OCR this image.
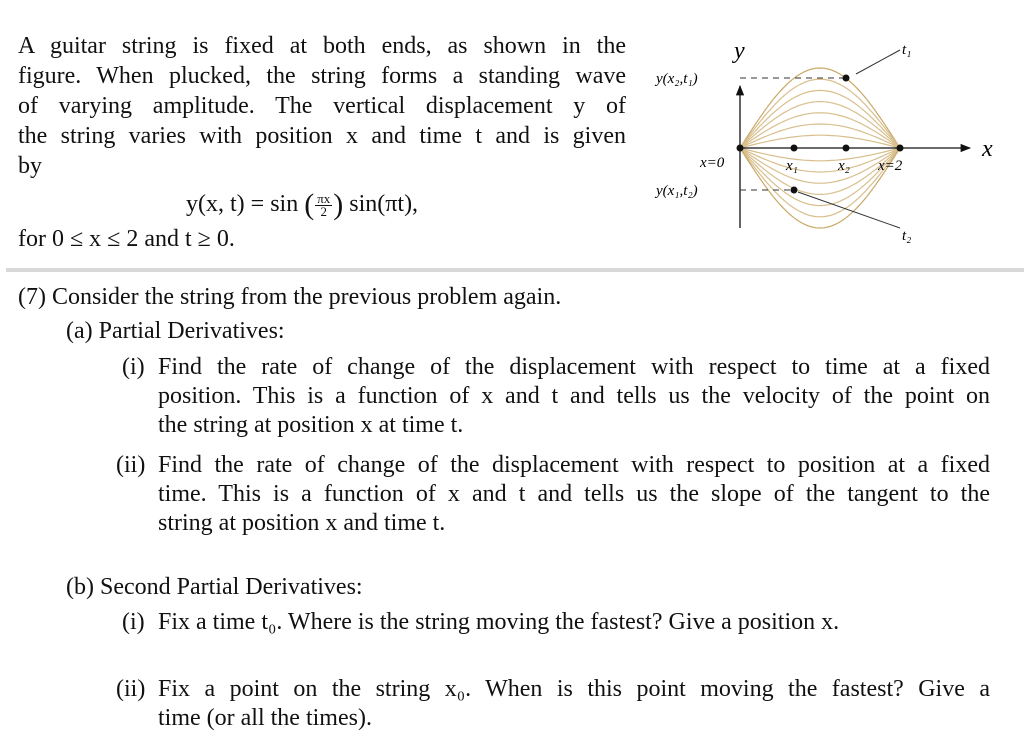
A guitar string is fixed at both ends, as shown in the
figure. When plucked, the string forms a standing wave
of varying amplitude. The vertical displacement y of
the string varies with position x and time t and is given
by
y(x, t) = sin ( $\frac{\pi x}{2}$ ) sin(πt),
for 0 ≤ x ≤ 2 and t ≥ 0.
y
x
t₁
t₂
y(x₂,t₁)
y(x₁,t₂)
x=0	x₁	x₂ x=2
(7) Consider the string from the previous problem again.
(a) Partial Derivatives:
(i) Find the rate of change of the displacement with respect to time at a fixed
position. This is a function of x and t and tells us the velocity of the point on
the string at position x at time t.
(ii) Find the rate of change of the displacement with respect to position at a fixed
time. This is a function of x and t and tells us the slope of the tangent to the
string at position x and time t.
(b) Second Partial Derivatives:
(i) Fix a time t₀. Where is the string moving the fastest? Give a position x.
(ii) Fix a point on the string x₀. When is this point moving the fastest? Give a
time (or all the times).
